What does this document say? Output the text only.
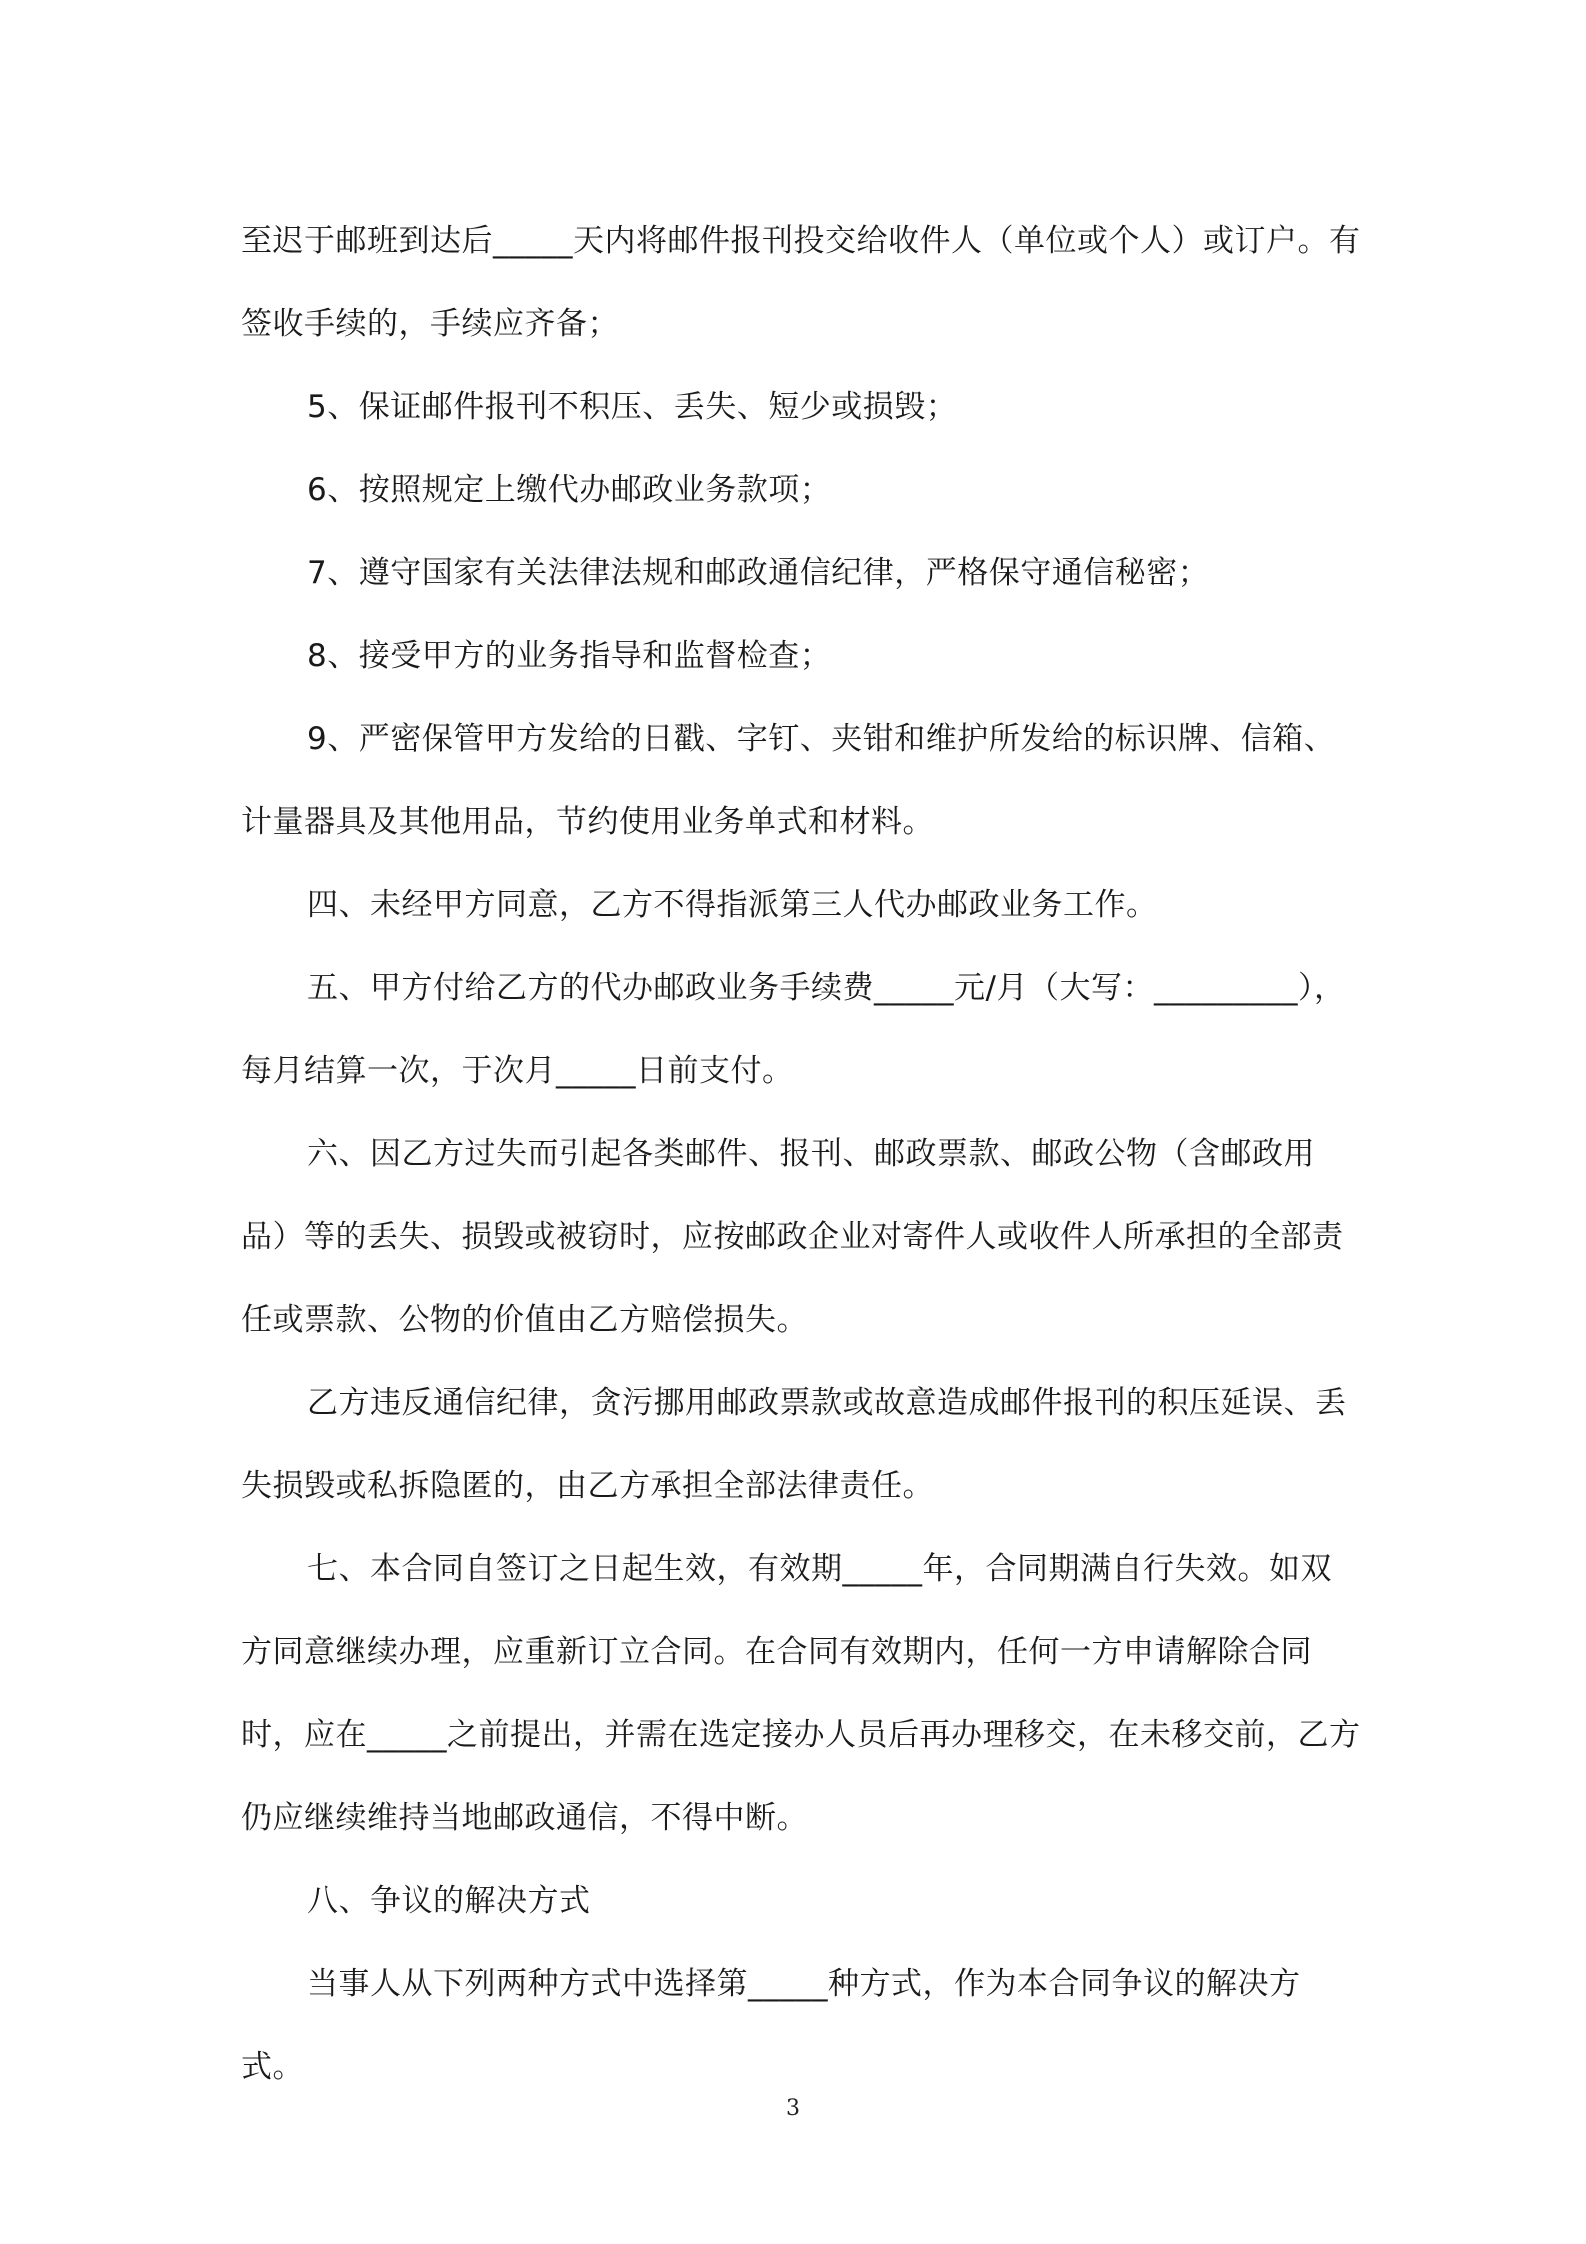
至迟于邮班到达后_____天内将邮件报刊投交给收件人（单位或个人）或订户。有签收手续的，手续应齐备；

5、保证邮件报刊不积压、丢失、短少或损毁；

6、按照规定上缴代办邮政业务款项；

7、遵守国家有关法律法规和邮政通信纪律，严格保守通信秘密；

8、接受甲方的业务指导和监督检查；

9、严密保管甲方发给的日戳、字钉、夹钳和维护所发给的标识牌、信箱、计量器具及其他用品，节约使用业务单式和材料。

四、未经甲方同意，乙方不得指派第三人代办邮政业务工作。

五、甲方付给乙方的代办邮政业务手续费_____元/月（大写：_________），每月结算一次，于次月_____日前支付。

六、因乙方过失而引起各类邮件、报刊、邮政票款、邮政公物（含邮政用品）等的丢失、损毁或被窃时，应按邮政企业对寄件人或收件人所承担的全部责任或票款、公物的价值由乙方赔偿损失。

乙方违反通信纪律，贪污挪用邮政票款或故意造成邮件报刊的积压延误、丢失损毁或私拆隐匿的，由乙方承担全部法律责任。

七、本合同自签订之日起生效，有效期_____年，合同期满自行失效。如双方同意继续办理，应重新订立合同。在合同有效期内，任何一方申请解除合同时，应在_____之前提出，并需在选定接办人员后再办理移交，在未移交前，乙方仍应继续维持当地邮政通信，不得中断。

八、争议的解决方式

当事人从下列两种方式中选择第_____种方式，作为本合同争议的解决方式。

3
